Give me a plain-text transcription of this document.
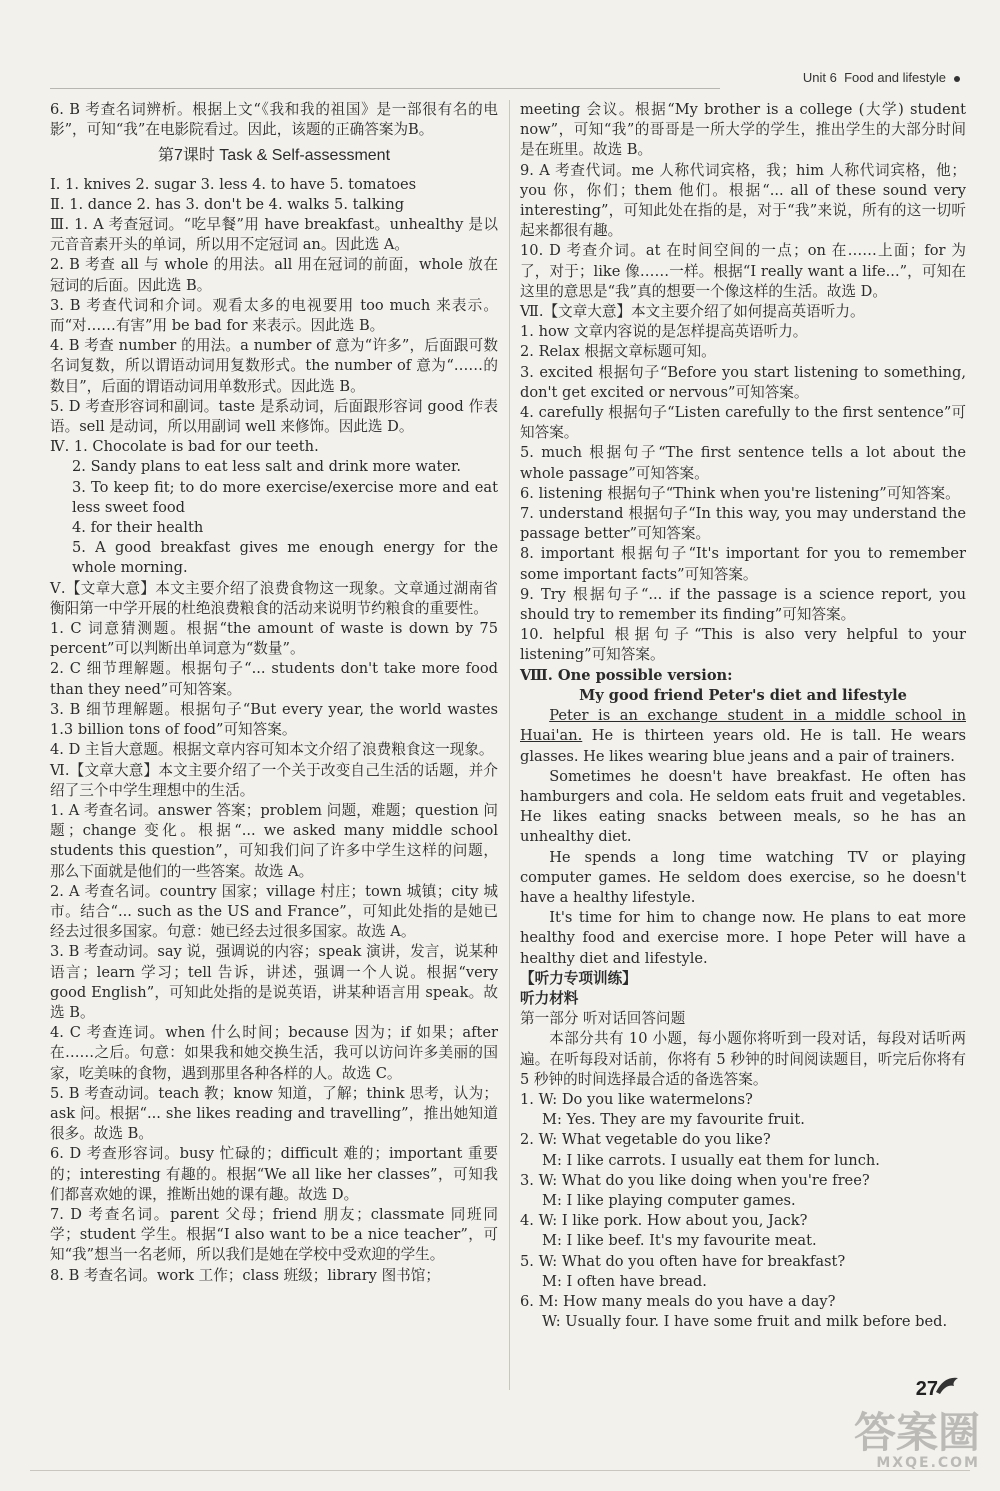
Unit 6 Food and lifestyle

6. B 考查名词辨析。根据上文“《我和我的祖国》是一部很有名的电影”，可知“我”在电影院看过。因此，该题的正确答案为B。

第7课时 Task & Self-assessment

Ⅰ. 1. knives 2. sugar 3. less 4. to have 5. tomatoes

Ⅱ. 1. dance 2. has 3. don't be 4. walks 5. talking

Ⅲ. 1. A 考查冠词。“吃早餐”用 have breakfast。unhealthy 是以元音音素开头的单词，所以用不定冠词 an。因此选 A。

2. B 考查 all 与 whole 的用法。all 用在冠词的前面，whole 放在冠词的后面。因此选 B。

3. B 考查代词和介词。观看太多的电视要用 too much 来表示。而“对……有害”用 be bad for 来表示。因此选 B。

4. B 考查 number 的用法。a number of 意为“许多”，后面跟可数名词复数，所以谓语动词用复数形式。the number of 意为“……的数目”，后面的谓语动词用单数形式。因此选 B。

5. D 考查形容词和副词。taste 是系动词，后面跟形容词 good 作表语。sell 是动词，所以用副词 well 来修饰。因此选 D。

Ⅳ. 1. Chocolate is bad for our teeth.

2. Sandy plans to eat less salt and drink more water.

3. To keep fit; to do more exercise/exercise more and eat less sweet food

4. for their health

5. A good breakfast gives me enough energy for the whole morning.

Ⅴ.【文章大意】本文主要介绍了浪费食物这一现象。文章通过湖南省衡阳第一中学开展的杜绝浪费粮食的活动来说明节约粮食的重要性。

1. C 词意猜测题。根据“the amount of waste is down by 75 percent”可以判断出单词意为“数量”。

2. C 细节理解题。根据句子“... students don't take more food than they need”可知答案。

3. B 细节理解题。根据句子“But every year, the world wastes 1.3 billion tons of food”可知答案。

4. D 主旨大意题。根据文章内容可知本文介绍了浪费粮食这一现象。

Ⅵ.【文章大意】本文主要介绍了一个关于改变自己生活的话题，并介绍了三个中学生理想中的生活。

1. A 考查名词。answer 答案；problem 问题，难题；question 问题；change 变化。根据“... we asked many middle school students this question”，可知我们问了许多中学生这样的问题，那么下面就是他们的一些答案。故选 A。

2. A 考查名词。country 国家；village 村庄；town 城镇；city 城市。结合“... such as the US and France”，可知此处指的是她已经去过很多国家。句意：她已经去过很多国家。故选 A。

3. B 考查动词。say 说，强调说的内容；speak 演讲，发言，说某种语言；learn 学习；tell 告诉，讲述，强调一个人说。根据“very good English”，可知此处指的是说英语，讲某种语言用 speak。故选 B。

4. C 考查连词。when 什么时间；because 因为；if 如果；after 在……之后。句意：如果我和她交换生活，我可以访问许多美丽的国家，吃美味的食物，遇到那里各种各样的人。故选 C。

5. B 考查动词。teach 教；know 知道，了解；think 思考，认为；ask 问。根据“... she likes reading and travelling”，推出她知道很多。故选 B。

6. D 考查形容词。busy 忙碌的；difficult 难的；important 重要的；interesting 有趣的。根据“We all like her classes”，可知我们都喜欢她的课，推断出她的课有趣。故选 D。

7. D 考查名词。parent 父母；friend 朋友；classmate 同班同学；student 学生。根据“I also want to be a nice teacher”，可知“我”想当一名老师，所以我们是她在学校中受欢迎的学生。

8. B 考查名词。work 工作；class 班级；library 图书馆；

meeting 会议。根据“My brother is a college (大学) student now”，可知“我”的哥哥是一所大学的学生，推出学生的大部分时间是在班里。故选 B。

9. A 考查代词。me 人称代词宾格，我；him 人称代词宾格，他；you 你，你们；them 他们。根据“... all of these sound very interesting”，可知此处在指的是，对于“我”来说，所有的这一切听起来都很有趣。

10. D 考查介词。at 在时间空间的一点；on 在……上面；for 为了，对于；like 像……一样。根据“I really want a life...”，可知在这里的意思是“我”真的想要一个像这样的生活。故选 D。

Ⅶ.【文章大意】本文主要介绍了如何提高英语听力。

1. how 文章内容说的是怎样提高英语听力。

2. Relax 根据文章标题可知。

3. excited 根据句子“Before you start listening to something, don't get excited or nervous”可知答案。

4. carefully 根据句子“Listen carefully to the first sentence”可知答案。

5. much 根据句子“The first sentence tells a lot about the whole passage”可知答案。

6. listening 根据句子“Think when you're listening”可知答案。

7. understand 根据句子“In this way, you may understand the passage better”可知答案。

8. important 根据句子“It's important for you to remember some important facts”可知答案。

9. Try 根据句子“... if the passage is a science report, you should try to remember its finding”可知答案。

10. helpful 根据句子“This is also very helpful to your listening”可知答案。

Ⅷ. One possible version:

My good friend Peter's diet and lifestyle

Peter is an exchange student in a middle school in Huai'an. He is thirteen years old. He is tall. He wears glasses. He likes wearing blue jeans and a pair of trainers.

Sometimes he doesn't have breakfast. He often has hamburgers and cola. He seldom eats fruit and vegetables. He likes eating snacks between meals, so he has an unhealthy diet.

He spends a long time watching TV or playing computer games. He seldom does exercise, so he doesn't have a healthy lifestyle.

It's time for him to change now. He plans to eat more healthy food and exercise more. I hope Peter will have a healthy diet and lifestyle.

【听力专项训练】

听力材料

第一部分 听对话回答问题

本部分共有 10 小题，每小题你将听到一段对话，每段对话听两遍。在听每段对话前，你将有 5 秒钟的时间阅读题目，听完后你将有 5 秒钟的时间选择最合适的备选答案。

1. W: Do you like watermelons?

M: Yes. They are my favourite fruit.

2. W: What vegetable do you like?

M: I like carrots. I usually eat them for lunch.

3. W: What do you like doing when you're free?

M: I like playing computer games.

4. W: I like pork. How about you, Jack?

M: I like beef. It's my favourite meat.

5. W: What do you often have for breakfast?

M: I often have bread.

6. M: How many meals do you have a day?

W: Usually four. I have some fruit and milk before bed.

27
答案圈
MXQE.COM
